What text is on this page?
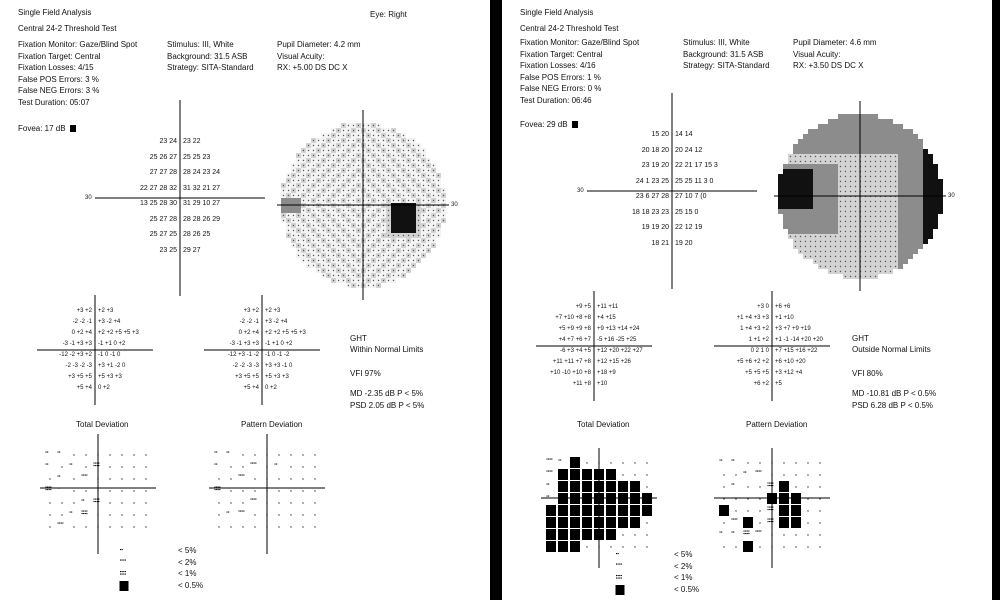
Single Field Analysis	Eye: Right
Central 24-2 Threshold Test
Fixation Monitor: Gaze/Blind Spot	Stimulus: III, White	Pupil Diameter: 4.2 mm
Fixation Target: Central	Background: 31.5 ASB	Visual Acuity:
Fixation Losses: 4/15	Strategy: SITA-Standard	RX: +5.00 DS DC X
False POS Errors: 3 %
False NEG Errors: 3 %
Test Duration: 05:07
Fovea: 17 dB
23 24 23 22
25 26 27 25 25 23
27 27 28 28 24 23 24
22 27 28 32 31 32 21 27
13 25 28 30 31 29 10 27
25 27 28 28 28 26 29
25 27 25 28 26 25
23 25 29 27
30
30
+3 +2 +2 +3
-2 -2 -1 +3 -2 +4
0 +2 +4 +2 +2 +5 +5 +3
-3 -1 +3 +3 -1 +1 0 +2
-12 -2 +3 +2 -1 0 -1 0
-2 -3 -2 -3 +3 +1 -2 0
+3 +5 +5 +5 +3 +3
+5 +4 0 +2
+3 +2 +2 +3
-2 -2 -1 +3 -2 +4
0 +2 +4 +2 +2 +5 +5 +3
-3 -1 +3 +3 -1 +1 0 +2
-12 +3 -1 -2 -1 0 -1 -2
-2 -2 -3 -3 +3 +3 -1 0
+3 +5 +5 +5 +3 +3
+5 +4 0 +2
GHT
Within Normal Limits
VFI 97%
MD -2.35 dB P < 5%
PSD 2.05 dB P < 5%
Total Deviation	Pattern Deviation
< 5%
< 2%
< 1%
< 0.5%
Single Field Analysis
Central 24-2 Threshold Test
Fixation Monitor: Gaze/Blind Spot	Stimulus: III, White	Pupil Diameter: 4.6 mm
Fixation Target: Central	Background: 31.5 ASB	Visual Acuity:
Fixation Losses: 4/16	Strategy: SITA-Standard	RX: +3.50 DS DC X
False POS Errors: 1 %
False NEG Errors: 0 %
Test Duration: 06:46
Fovea: 29 dB
15 20 14 14
20 18 20 20 24 12
23 19 20 22 21 17 15 3
24 1 23 25 25 25 11 3 0
23 6 27 28 27 10 7 (0
18 18 23 23 25 15 0
19 19 20 22 12 19
18 21 19 20
30
30
+9 +5 +11 +11
+7 +10 +8 +8 +4 +15
+5 +9 +9 +8 +9 +13 +14 +24
+4 +7 +6 +7 -5 +16 -25 +25
-6 +3 +4 +5 +12 +20 +22 +27
+11 +11 +7 +8 +12 +15 +26
+10 -10 +10 +8 +18 +9
+11 +8 +10
+3 0 +6 +6
+1 +4 +3 +3 +1 +10
1 +4 +3 +2 +3 +7 +9 +19
1 +1 +2 +1 -1 -14 +20 +20
0 2 1 0 +7 +15 +16 +22
+5 +6 +2 +2 +6 +10 +20
+5 +5 +5 +3 +12 +4
+6 +2 +5
GHT
Outside Normal Limits
VFI 80%
MD -10.81 dB P < 0.5%
PSD 6.28 dB P < 0.5%
Total Deviation	Pattern Deviation
< 5%
< 2%
< 1%
< 0.5%
